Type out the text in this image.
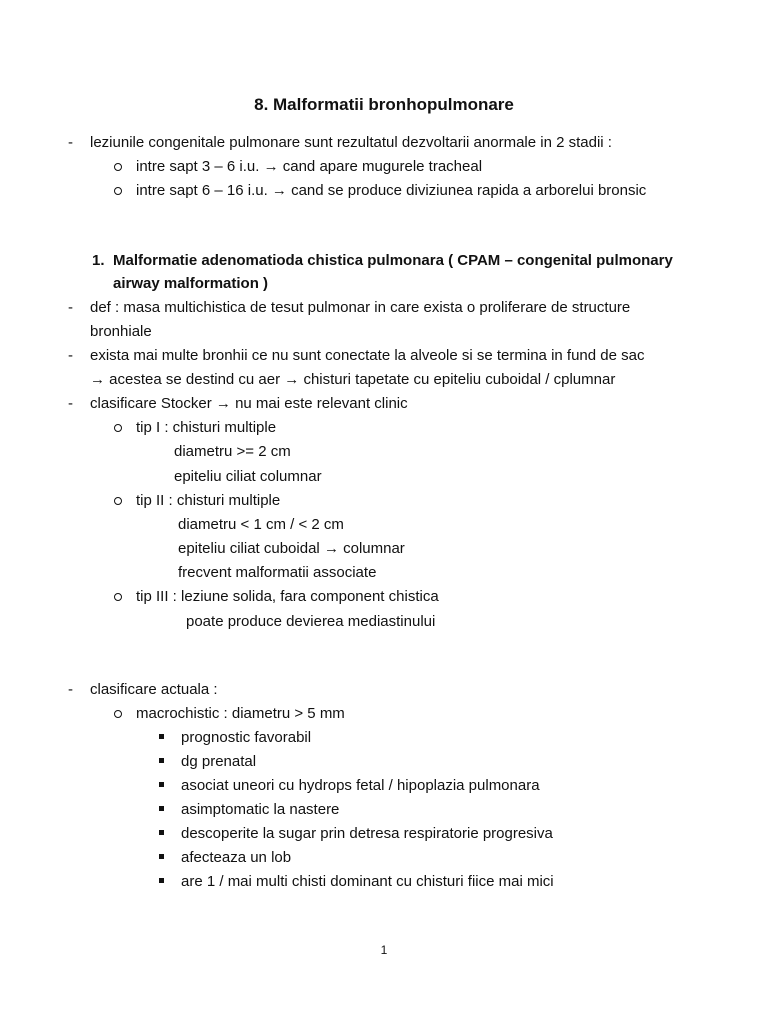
8. Malformatii bronhopulmonare
- leziunile congenitale pulmonare sunt rezultatul dezvoltarii anormale in 2 stadii :
intre sapt 3 – 6 i.u. → cand apare mugurele tracheal
intre sapt 6 – 16 i.u. → cand se produce diviziunea rapida a arborelui bronsic
1. Malformatie adenomatioda chistica pulmonara ( CPAM – congenital pulmonary
airway malformation )
- def : masa multichistica de tesut pulmonar in care exista o proliferare de structure
bronhiale
- exista mai multe bronhii ce nu sunt conectate la alveole si se termina in fund de sac
→ acestea se destind cu aer → chisturi tapetate cu epiteliu cuboidal / cplumnar
- clasificare Stocker → nu mai este relevant clinic
tip I : chisturi multiple
diametru >= 2 cm
epiteliu ciliat columnar
tip II : chisturi multiple
diametru < 1 cm / < 2 cm
epiteliu ciliat cuboidal → columnar
frecvent malformatii associate
tip III : leziune solida, fara component chistica
poate produce devierea mediastinului
- clasificare actuala :
macrochistic : diametru > 5 mm
prognostic favorabil
dg prenatal
asociat uneori cu hydrops fetal / hipoplazia pulmonara
asimptomatic la nastere
descoperite la sugar prin detresa respiratorie progresiva
afecteaza un lob
are 1 / mai multi chisti dominant cu chisturi fiice mai mici
1
